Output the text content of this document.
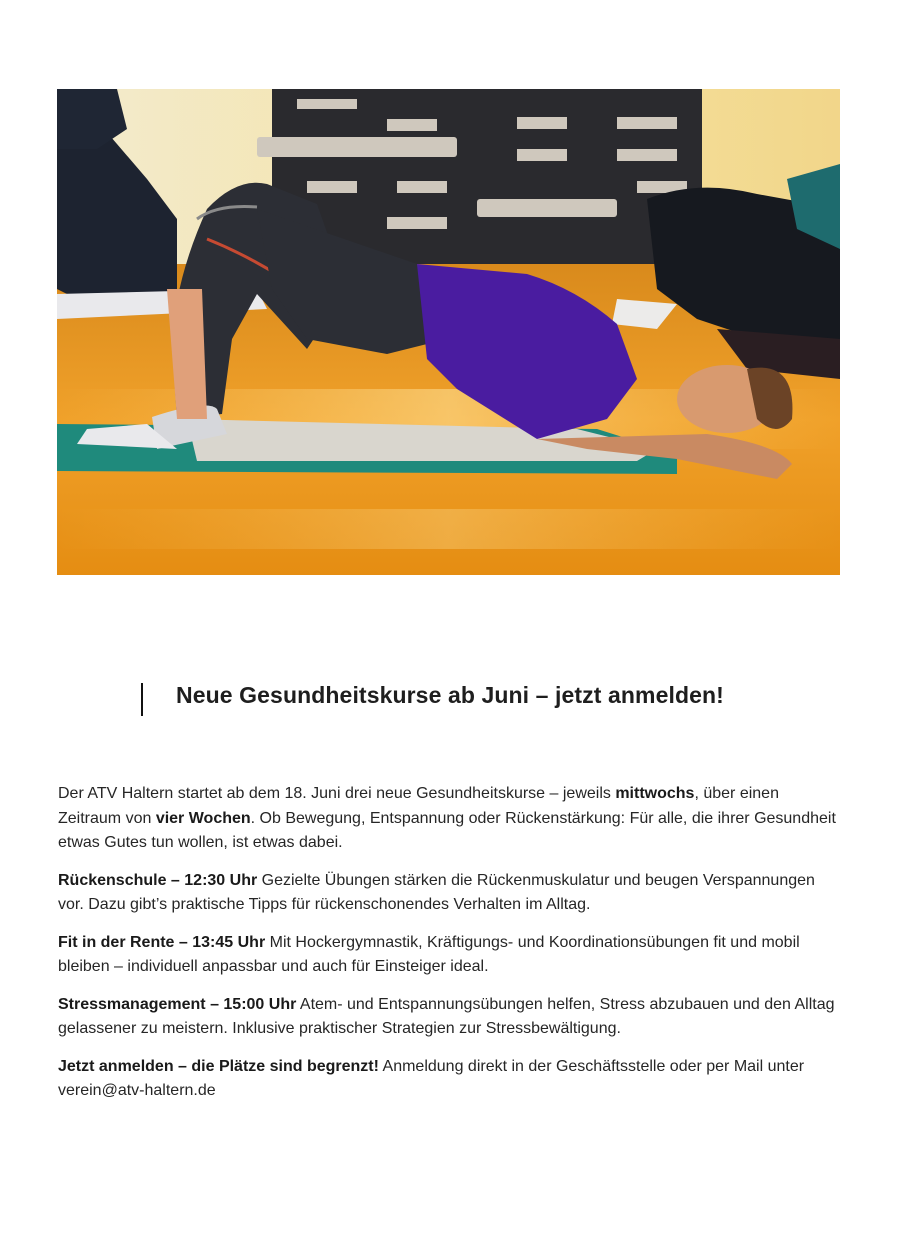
Neue Gesundheitskurse ab Juni – jetzt anmelden!

Der ATV Haltern startet ab dem 18. Juni drei neue Gesundheitskurse – jeweils mittwochs, über einen Zeitraum von vier Wochen. Ob Bewegung, Entspannung oder Rückenstärkung: Für alle, die ihrer Gesundheit etwas Gutes tun wollen, ist etwas dabei.

Rückenschule – 12:30 Uhr Gezielte Übungen stärken die Rückenmuskulatur und beugen Verspannungen vor. Dazu gibt’s praktische Tipps für rückenschonendes Verhalten im Alltag.

Fit in der Rente – 13:45 Uhr Mit Hockergymnastik, Kräftigungs- und Koordinationsübungen fit und mobil bleiben – individuell anpassbar und auch für Einsteiger ideal.

Stressmanagement – 15:00 Uhr Atem- und Entspannungsübungen helfen, Stress abzubauen und den Alltag gelassener zu meistern. Inklusive praktischer Strategien zur Stressbewältigung.

Jetzt anmelden – die Plätze sind begrenzt! Anmeldung direkt in der Geschäftsstelle oder per Mail unter verein@atv-haltern.de
